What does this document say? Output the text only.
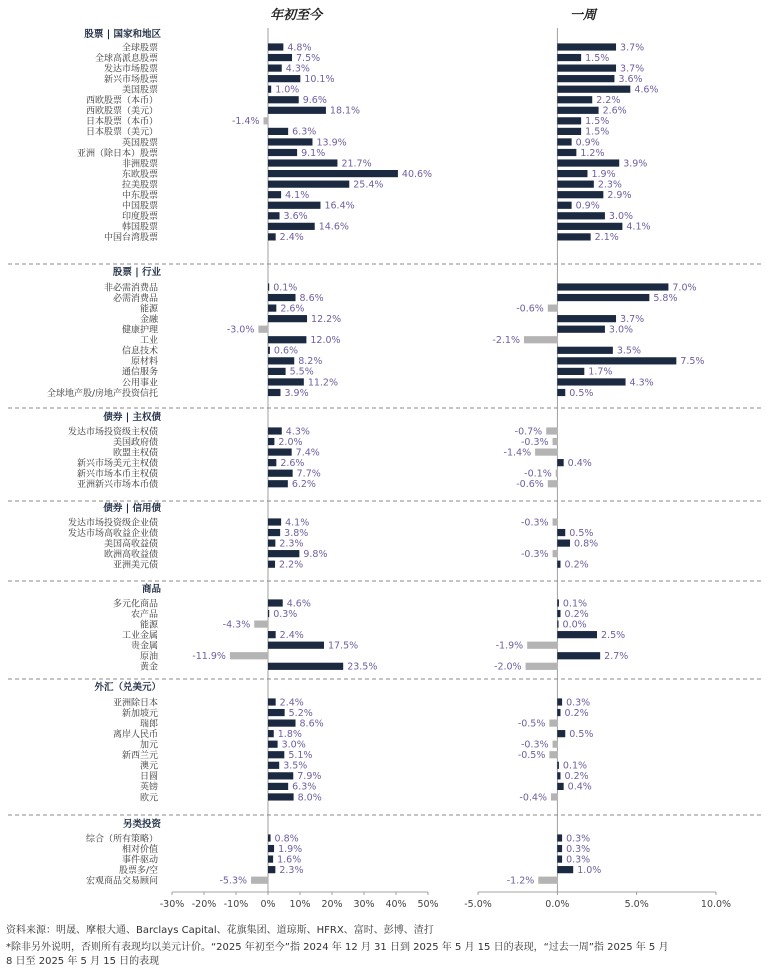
年初至今	一周
股票 | 国家和地区
全球股票	4.8%	3.7%
全球高派息股票	7.5%	1.5%
发达市场股票	4.3%	3.7%
新兴市场股票	10.1%	3.6%
美国股票	1.0%	4.6%
西欧股票（本币）	9.6%	2.2%
西欧股票（美元）	18.1%	2.6%
日本股票（本币）	-1.4%	1.5%
日本股票（美元）	6.3%	1.5%
英国股票	13.9%	0.9%
亚洲（除日本）股票	9.1%	1.2%
非洲股票	21.7%	3.9%
东欧股票	40.6%	1.9%
拉美股票	25.4%	2.3%
中东股票	4.1%	2.9%
中国股票	16.4%	0.9%
印度股票	3.6%	3.0%
韩国股票	14.6%	4.1%
中国台湾股票	2.4%	2.1%
股票 | 行业
非必需消费品	0.1%	7.0%
必需消费品	8.6%	5.8%
能源	2.6%	-0.6%
金融	12.2%	3.7%
健康护理	-3.0%	3.0%
工业	12.0%	-2.1%
信息技术	0.6%	3.5%
原材料	8.2%	7.5%
通信服务	5.5%	1.7%
公用事业	11.2%	4.3%
全球地产股/房地产投资信托	3.9%	0.5%
债券 | 主权债
发达市场投资级主权债	4.3%	-0.7%
美国政府债	2.0%	-0.3%
欧盟主权债	7.4%	-1.4%
新兴市场美元主权债	2.6%	0.4%
新兴市场本币主权债	7.7%	-0.1%
亚洲新兴市场本币债	6.2%	-0.6%
债券 | 信用债
发达市场投资级企业债	4.1%	-0.3%
发达市场高收益企业债	3.8%	0.5%
美国高收益债	2.3%	0.8%
欧洲高收益债	9.8%	-0.3%
亚洲美元债	2.2%	0.2%
商品
多元化商品	4.6%	0.1%
农产品	0.3%	0.2%
能源	-4.3%	0.0%
工业金属	2.4%	2.5%
贵金属	17.5%	-1.9%
原油	-11.9%	2.7%
黄金	23.5%	-2.0%
外汇（兑美元）
亚洲除日本	2.4%	0.3%
新加坡元	5.2%	0.2%
瑞郎	8.6%	-0.5%
离岸人民币	1.8%	0.5%
加元	3.0%	-0.3%
新西兰元	5.1%	-0.5%
澳元	3.5%	0.1%
日圆	7.9%	0.2%
英镑	6.3%	0.4%
欧元	8.0%	-0.4%
另类投资
综合（所有策略）	0.8%	0.3%
相对价值	1.9%	0.3%
事件驱动	1.6%	0.3%
股票多/空	2.3%	1.0%
宏观商品交易顾问	-5.3%	-1.2%
-30% -20% -10% 0% 10% 20% 30% 40% 50%	-5.0%	0.0%	5.0%	10.0%
资料来源：明晟、摩根大通、Barclays Capital、花旗集团、道琼斯、HFRX、富时、彭博、渣打
*除非另外说明，否则所有表现均以美元计价。“2025 年初至今”指 2024 年 12 月 31 日到 2025 年 5 月 15 日的表现，“过去一周”指 2025 年 5 月
8 日至 2025 年 5 月 15 日的表现
